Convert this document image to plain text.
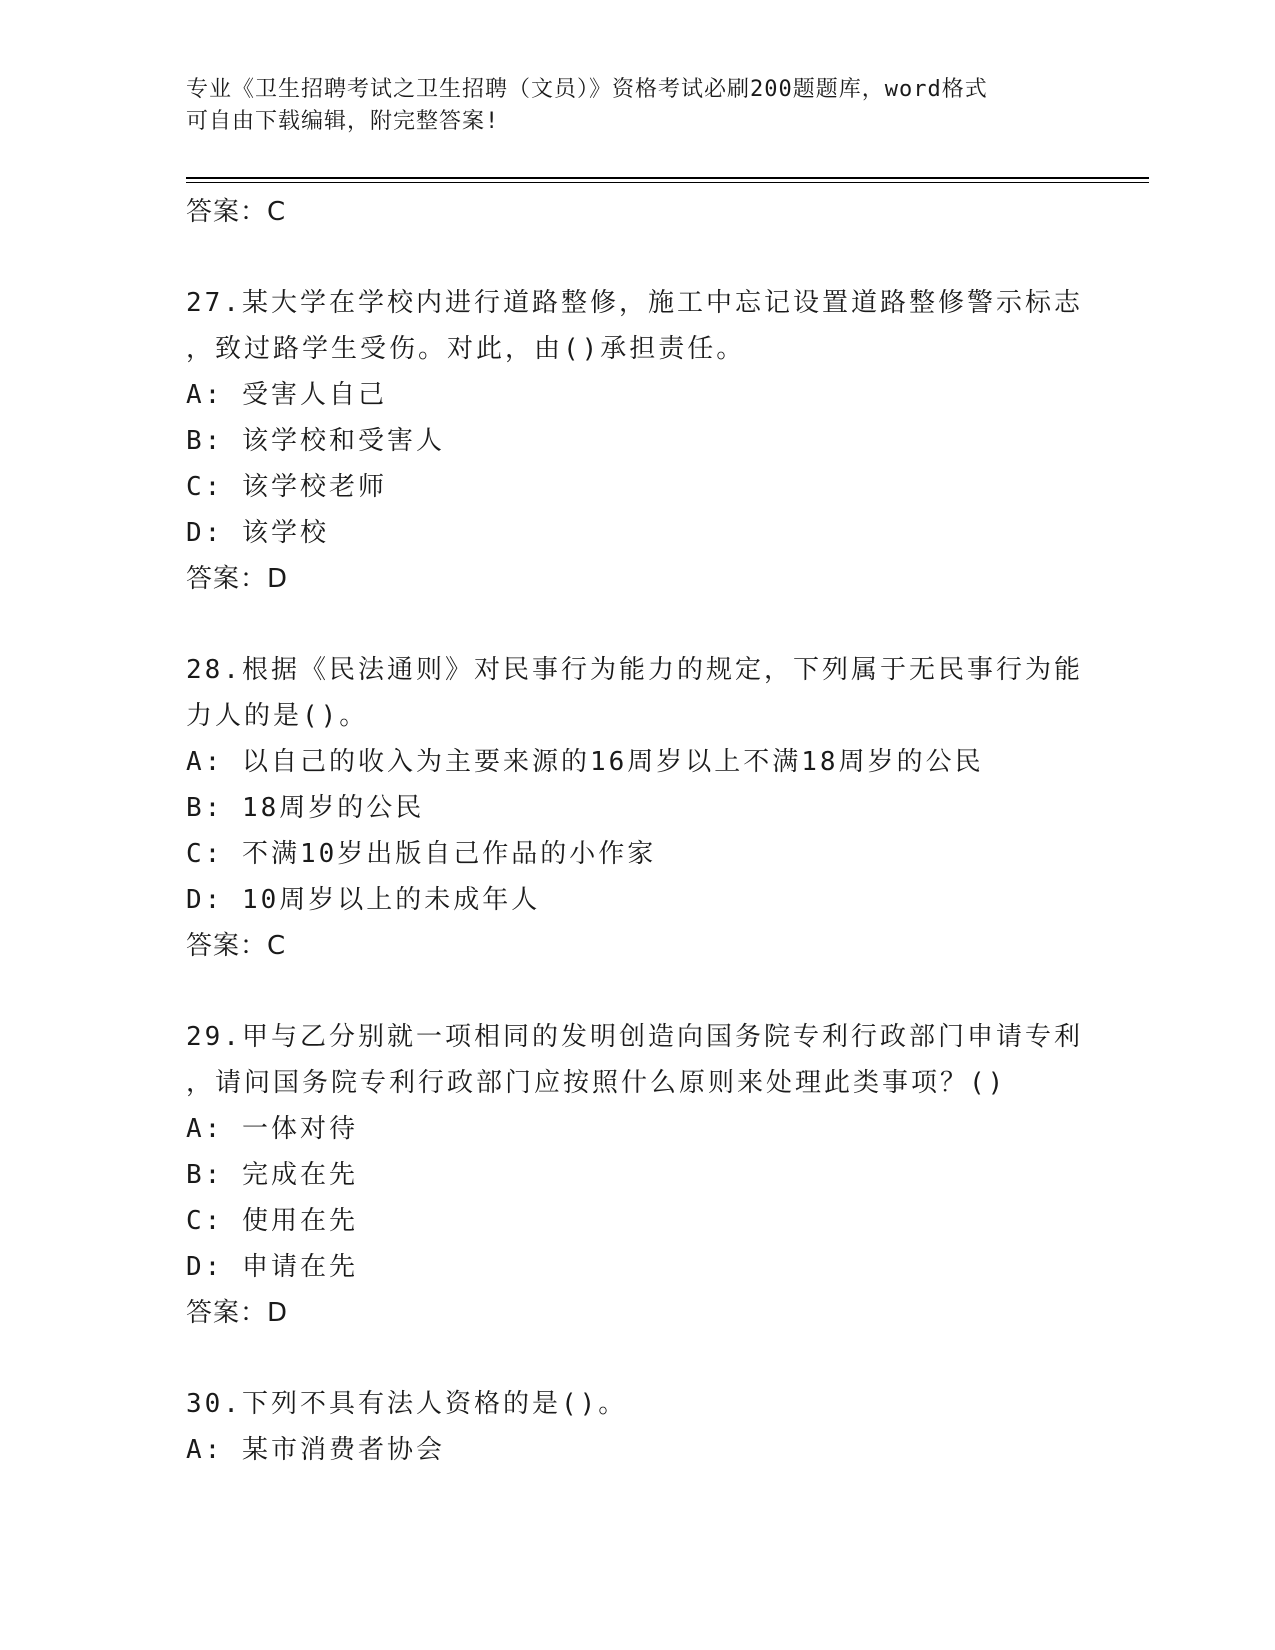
专业《卫生招聘考试之卫生招聘（文员）》资格考试必刷200题题库，word格式
可自由下载编辑，附完整答案!
答案：C
27.某大学在学校内进行道路整修，施工中忘记设置道路整修警示标志
，致过路学生受伤。对此，由()承担责任。
A: 受害人自己
B: 该学校和受害人
C: 该学校老师
D: 该学校
答案：D
28.根据《民法通则》对民事行为能力的规定，下列属于无民事行为能
力人的是()。
A: 以自己的收入为主要来源的16周岁以上不满18周岁的公民
B: 18周岁的公民
C: 不满10岁出版自己作品的小作家
D: 10周岁以上的未成年人
答案：C
29.甲与乙分别就一项相同的发明创造向国务院专利行政部门申请专利
，请问国务院专利行政部门应按照什么原则来处理此类事项？()
A: 一体对待
B: 完成在先
C: 使用在先
D: 申请在先
答案：D
30.下列不具有法人资格的是()。
A: 某市消费者协会
